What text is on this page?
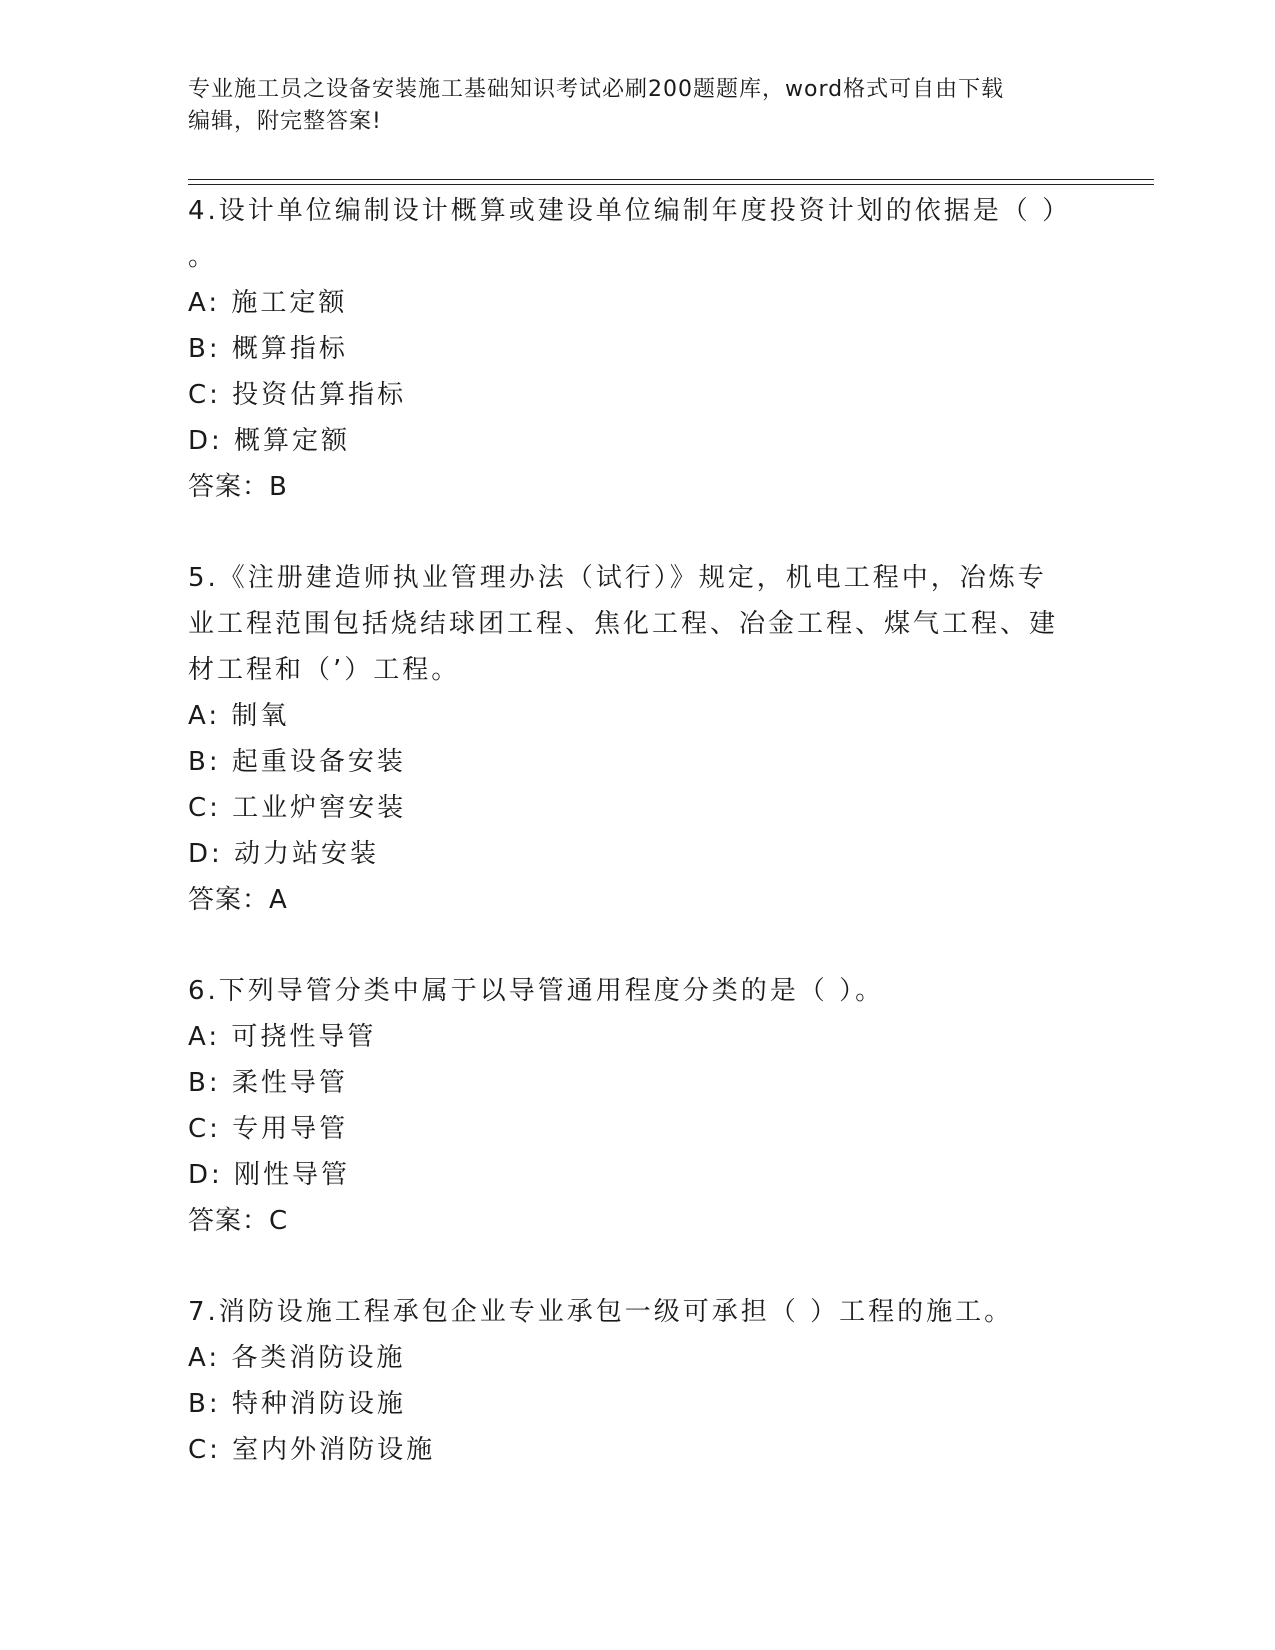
专业施工员之设备安装施工基础知识考试必刷200题题库，word格式可自由下载
编辑，附完整答案!
4.设计单位编制设计概算或建设单位编制年度投资计划的依据是（ ）
。
A: 施工定额
B: 概算指标
C: 投资估算指标
D: 概算定额
答案：B
5.《注册建造师执业管理办法（试行）》规定，机电工程中，冶炼专
业工程范围包括烧结球团工程、焦化工程、冶金工程、煤气工程、建
材工程和（’）工程。
A: 制氧
B: 起重设备安装
C: 工业炉窖安装
D: 动力站安装
答案：A
6.下列导管分类中属于以导管通用程度分类的是（ ）。
A: 可挠性导管
B: 柔性导管
C: 专用导管
D: 刚性导管
答案：C
7.消防设施工程承包企业专业承包一级可承担（ ）工程的施工。
A: 各类消防设施
B: 特种消防设施
C: 室内外消防设施
